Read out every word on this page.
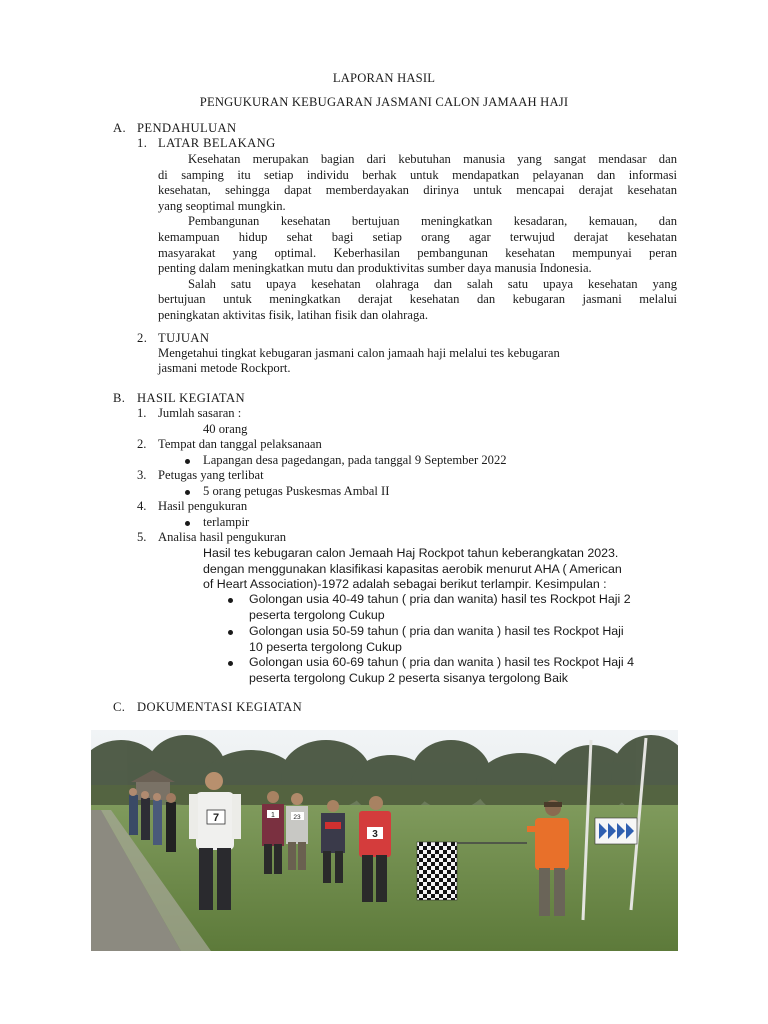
LAPORAN HASIL
PENGUKURAN KEBUGARAN JASMANI CALON JAMAAH HAJI
A. PENDAHULUAN
1. LATAR BELAKANG
Kesehatan merupakan bagian dari kebutuhan manusia yang sangat mendasar dan
di samping itu setiap individu berhak untuk mendapatkan pelayanan dan informasi
kesehatan, sehingga dapat memberdayakan dirinya untuk mencapai derajat kesehatan
yang seoptimal mungkin.
Pembangunan kesehatan bertujuan meningkatkan kesadaran, kemauan, dan
kemampuan hidup sehat bagi setiap orang agar terwujud derajat kesehatan
masyarakat yang optimal. Keberhasilan pembangunan kesehatan mempunyai peran
penting dalam meningkatkan mutu dan produktivitas sumber daya manusia Indonesia.
Salah satu upaya kesehatan olahraga dan salah satu upaya kesehatan yang
bertujuan untuk meningkatkan derajat kesehatan dan kebugaran jasmani melalui
peningkatan aktivitas fisik, latihan fisik dan olahraga.
2. TUJUAN
Mengetahui tingkat kebugaran jasmani calon jamaah haji melalui tes kebugaran
jasmani metode Rockport.
B. HASIL KEGIATAN
1. Jumlah sasaran :
40 orang
2. Tempat dan tanggal pelaksanaan
Lapangan desa pagedangan, pada tanggal 9 September 2022
3. Petugas yang terlibat
5 orang petugas Puskesmas Ambal II
4. Hasil pengukuran
terlampir
5. Analisa hasil pengukuran
Hasil tes kebugaran calon Jemaah Haj Rockpot tahun keberangkatan 2023.
dengan menggunakan klasifikasi kapasitas aerobik menurut AHA ( American
of Heart Association)-1972 adalah sebagai berikut terlampir. Kesimpulan :
Golongan usia 40-49 tahun ( pria dan wanita) hasil tes Rockpot Haji 2
peserta tergolong Cukup
Golongan usia 50-59 tahun ( pria dan wanita ) hasil tes Rockpot Haji
10 peserta tergolong Cukup
Golongan usia 60-69 tahun ( pria dan wanita ) hasil tes Rockpot Haji 4
peserta tergolong Cukup 2 peserta sisanya tergolong Baik
C. DOKUMENTASI KEGIATAN
7	1	23
3
